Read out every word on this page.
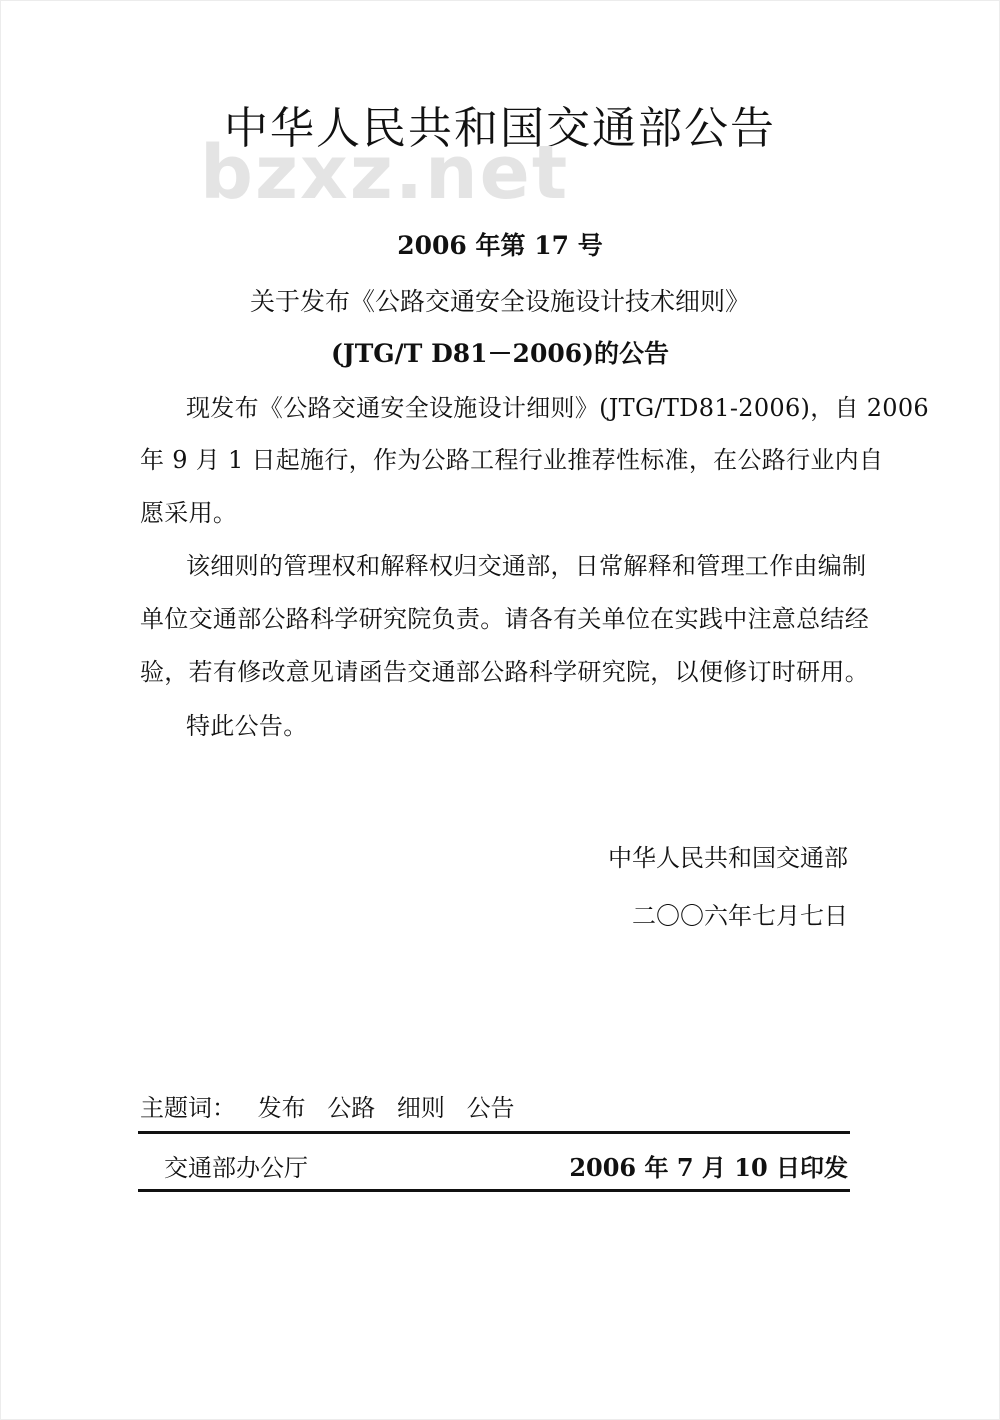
中华人民共和国交通部公告
bzxz.net
2006 年第 17 号
关于发布《公路交通安全设施设计技术细则》
(JTG/T D81－2006)的公告
现发布《公路交通安全设施设计细则》(JTG/TD81-2006)，自 2006
年 9 月 1 日起施行，作为公路工程行业推荐性标准，在公路行业内自
愿采用。
该细则的管理权和解释权归交通部，日常解释和管理工作由编制
单位交通部公路科学研究院负责。请各有关单位在实践中注意总结经
验，若有修改意见请函告交通部公路科学研究院，以便修订时研用。
特此公告。
中华人民共和国交通部
二〇〇六年七月七日
主题词： 发布 公路 细则 公告
交通部办公厅	2006 年 7 月 10 日印发
